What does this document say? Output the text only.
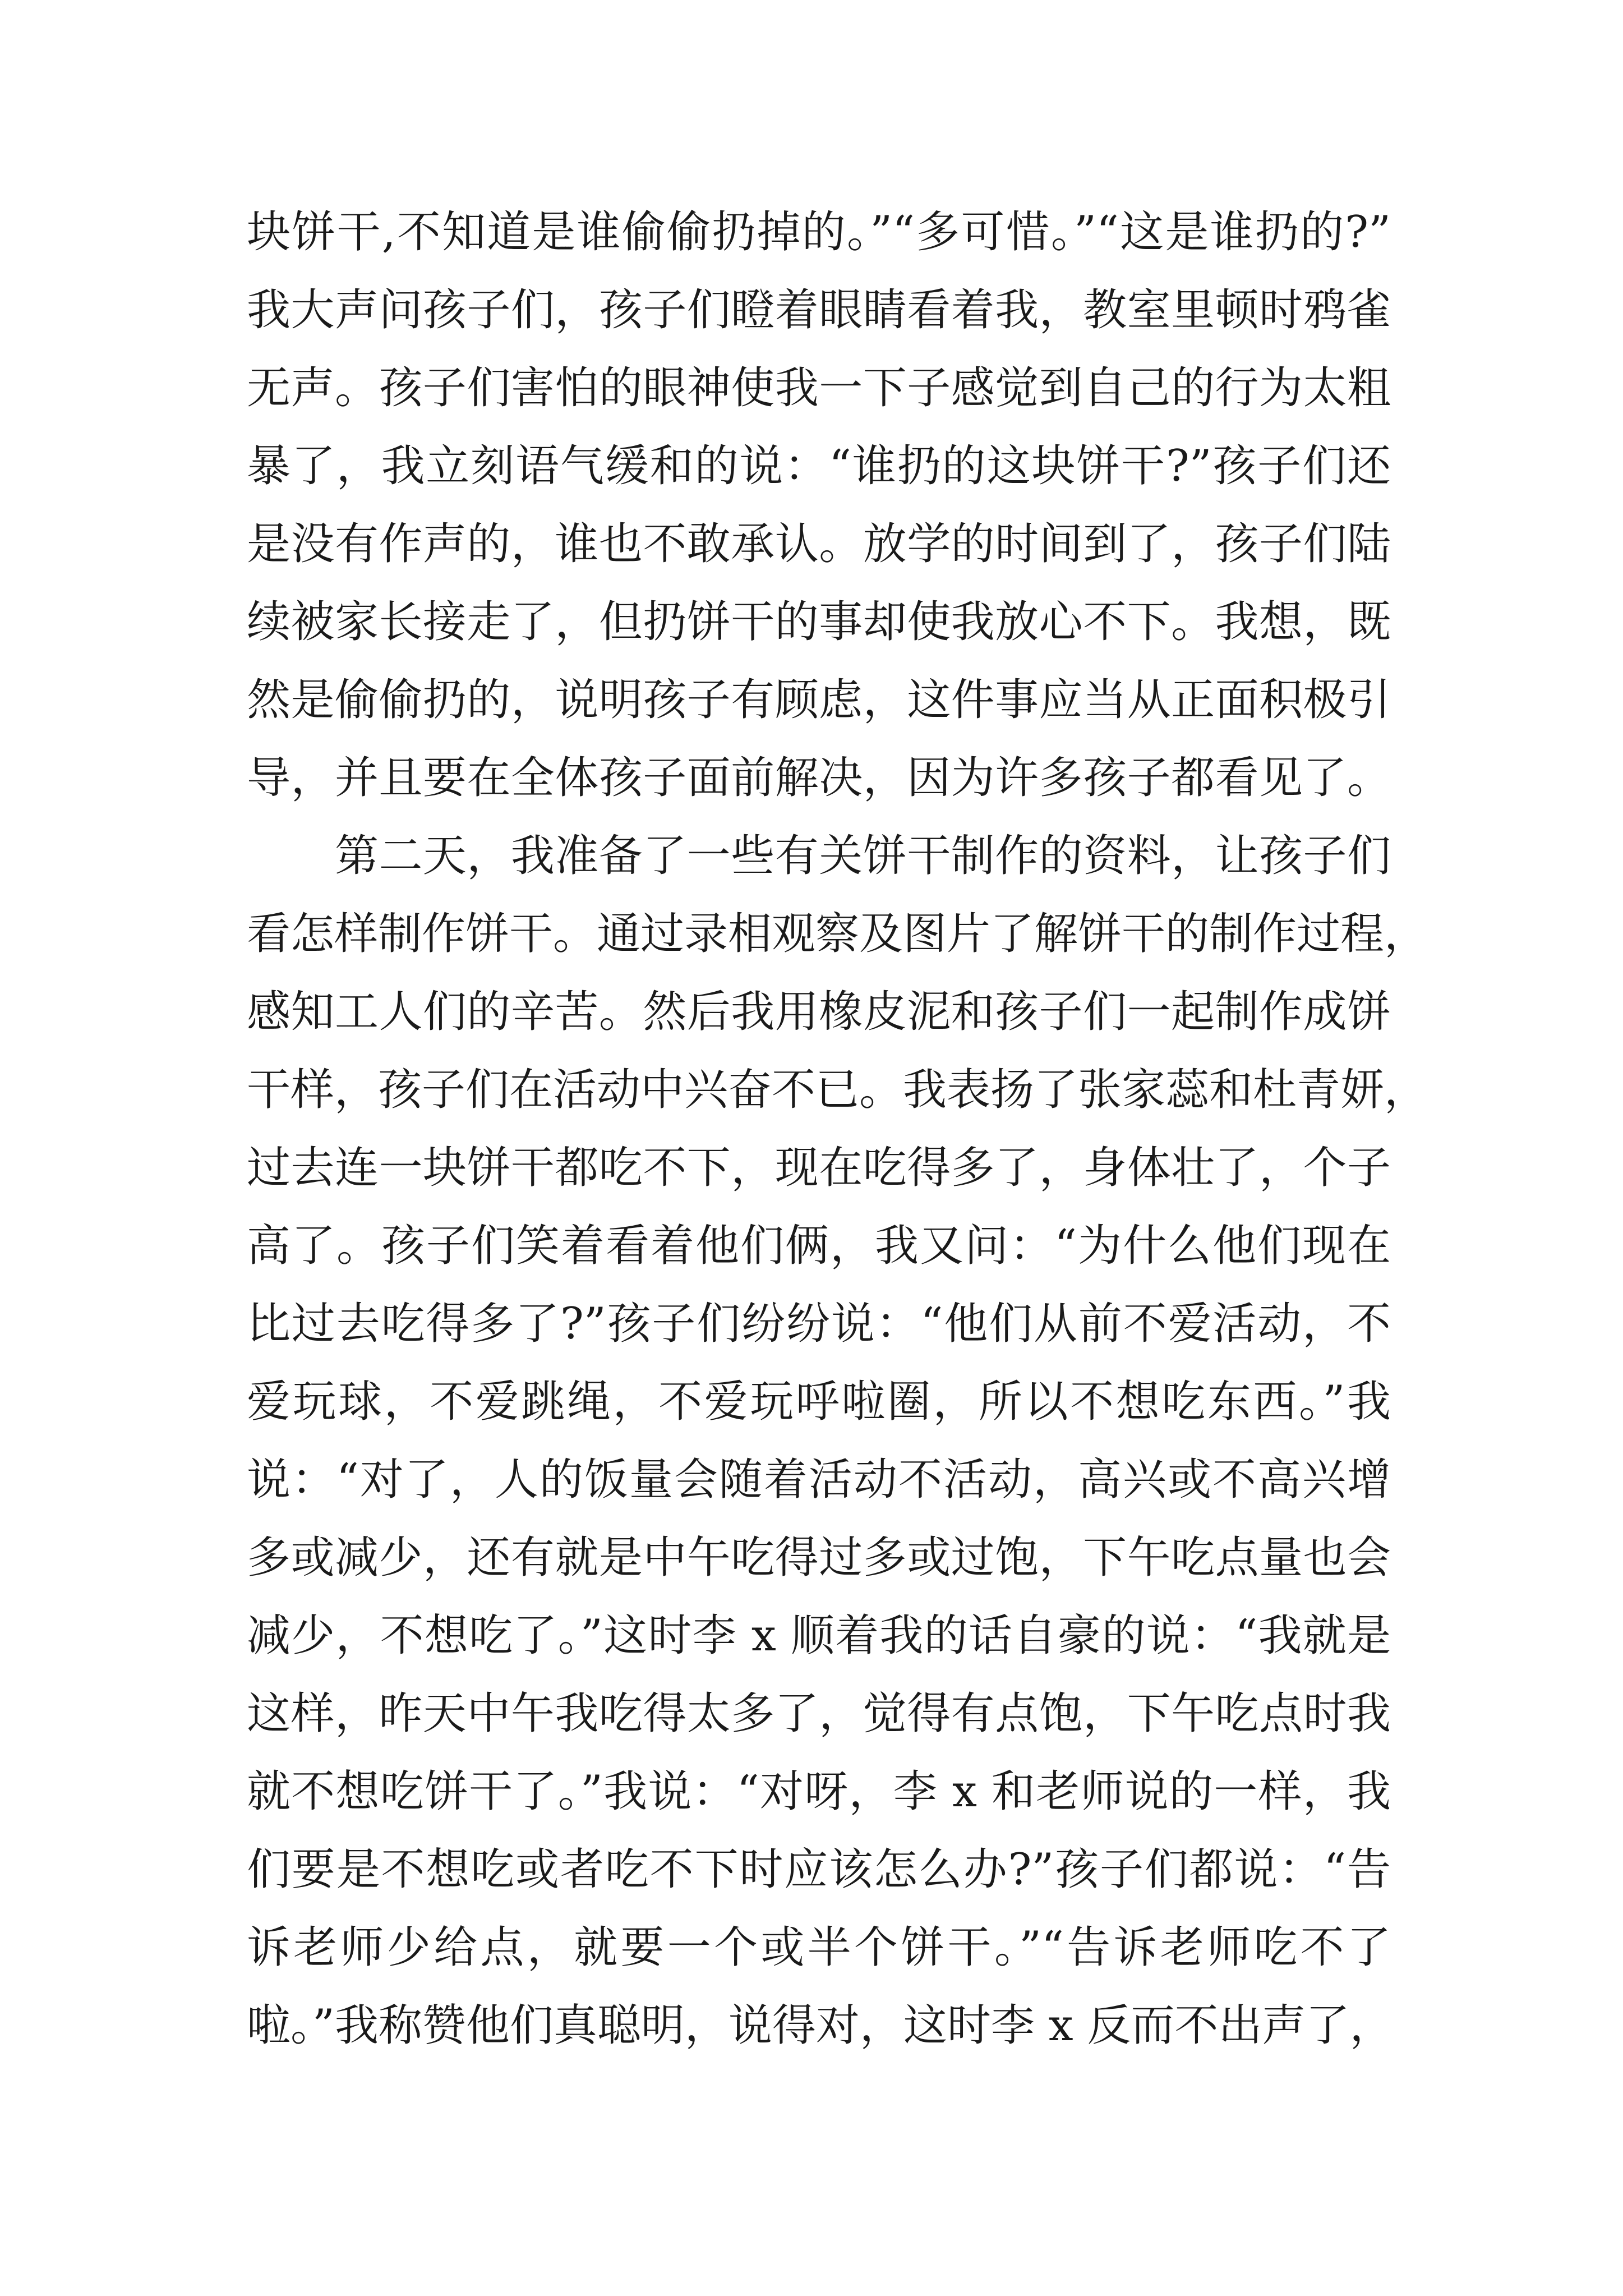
块饼干,不知道是谁偷偷扔掉的。”“多可惜。”“这是谁扔的?”
我大声问孩子们，孩子们瞪着眼睛看着我，教室里顿时鸦雀
无声。孩子们害怕的眼神使我一下子感觉到自己的行为太粗
暴了，我立刻语气缓和的说：“谁扔的这块饼干?”孩子们还
是没有作声的，谁也不敢承认。放学的时间到了，孩子们陆
续被家长接走了，但扔饼干的事却使我放心不下。我想，既
然是偷偷扔的，说明孩子有顾虑，这件事应当从正面积极引
导，并且要在全体孩子面前解决，因为许多孩子都看见了。
　　第二天，我准备了一些有关饼干制作的资料，让孩子们
看怎样制作饼干。通过录相观察及图片了解饼干的制作过程，
感知工人们的辛苦。然后我用橡皮泥和孩子们一起制作成饼
干样，孩子们在活动中兴奋不已。我表扬了张家蕊和杜青妍，
过去连一块饼干都吃不下，现在吃得多了，身体壮了，个子
高了。孩子们笑着看着他们俩，我又问：“为什么他们现在
比过去吃得多了?”孩子们纷纷说：“他们从前不爱活动，不
爱玩球，不爱跳绳，不爱玩呼啦圈，所以不想吃东西。”我
说：“对了，人的饭量会随着活动不活动，高兴或不高兴增
多或减少，还有就是中午吃得过多或过饱，下午吃点量也会
减少，不想吃了。”这时李 x 顺着我的话自豪的说：“我就是
这样，昨天中午我吃得太多了，觉得有点饱，下午吃点时我
就不想吃饼干了。”我说：“对呀，李 x 和老师说的一样，我
们要是不想吃或者吃不下时应该怎么办?”孩子们都说：“告
诉老师少给点，就要一个或半个饼干。”“告诉老师吃不了
啦。”我称赞他们真聪明，说得对，这时李 x 反而不出声了，
